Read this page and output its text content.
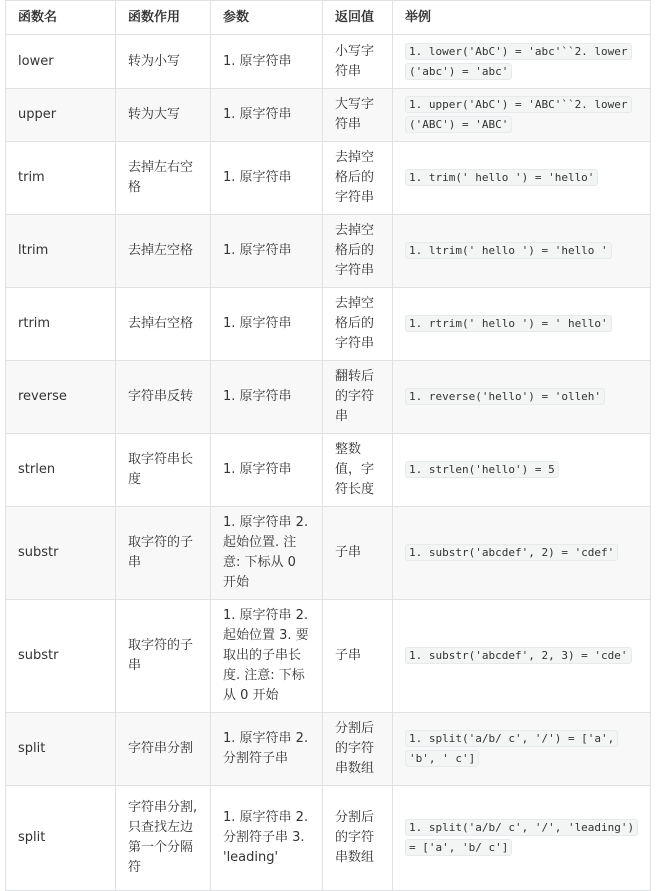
函数名	函数作用	参数	返回值	举例
lower	转为小写	1. 原字符串	小写字符串	1. lower('AbC') = 'abc'``2. lower('abc') = 'abc'
upper	转为大写	1. 原字符串	大写字符串	1. upper('AbC') = 'ABC'``2. lower('ABC') = 'ABC'
trim	去掉左右空格	1. 原字符串	去掉空格后的字符串	1. trim(' hello ') = 'hello'
ltrim	去掉左空格	1. 原字符串	去掉空格后的字符串	1. ltrim(' hello ') = 'hello '
rtrim	去掉右空格	1. 原字符串	去掉空格后的字符串	1. rtrim(' hello ') = ' hello'
reverse	字符串反转	1. 原字符串	翻转后的字符串	1. reverse('hello') = 'olleh'
strlen	取字符串长度	1. 原字符串	整数值，字符长度	1. strlen('hello') = 5
substr	取字符的子串	1. 原字符串 2. 起始位置. 注意: 下标从 0 开始	子串	1. substr('abcdef', 2) = 'cdef'
substr	取字符的子串	1. 原字符串 2. 起始位置 3. 要取出的子串长度. 注意: 下标从 0 开始	子串	1. substr('abcdef', 2, 3) = 'cde'
split	字符串分割	1. 原字符串 2. 分割符子串	分割后的字符串数组	1. split('a/b/ c', '/') = ['a', 'b', ' c']
split	字符串分割, 只查找左边第一个分隔符	1. 原字符串 2. 分割符子串 3. 'leading'	分割后的字符串数组	1. split('a/b/ c', '/', 'leading') = ['a', 'b/ c']
